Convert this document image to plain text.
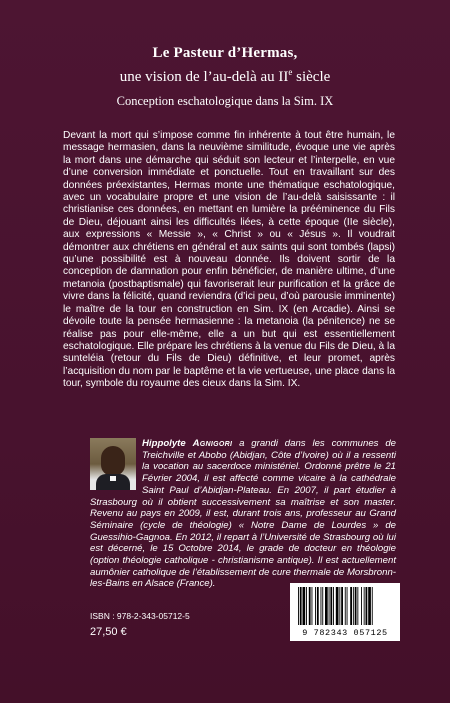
Le Pasteur d’Hermas,
une vision de l’au-delà au IIe siècle
Conception eschatologique dans la Sim. IX

Devant la mort qui s’impose comme fin inhérente à tout être humain, le message hermasien, dans la neuvième similitude, évoque une vie après la mort dans une démarche qui séduit son lecteur et l’interpelle, en vue d’une conversion immédiate et ponctuelle. Tout en travaillant sur des données préexistantes, Hermas monte une thématique eschatologique, avec un vocabulaire propre et une vision de l’au-delà saisissante : il christianise ces données, en mettant en lumière la prééminence du Fils de Dieu, déjouant ainsi les difficultés liées, à cette époque (IIe siècle), aux expressions « Messie », « Christ » ou « Jésus ». Il voudrait démontrer aux chrétiens en général et aux saints qui sont tombés (lapsi) qu’une possibilité est à nouveau donnée. Ils doivent sortir de la conception de damnation pour enfin bénéficier, de manière ultime, d’une metanoia (postbaptismale) qui favoriserait leur purification et la grâce de vivre dans la félicité, quand reviendra (d’ici peu, d’où parousie imminente) le maître de la tour en construction en Sim. IX (en Arcadie). Ainsi se dévoile toute la pensée hermasienne : la metanoia (la pénitence) ne se réalise pas pour elle-même, elle a un but qui est essentiellement eschatologique. Elle prépare les chrétiens à la venue du Fils de Dieu, à la sunteléia (retour du Fils de Dieu) définitive, et leur promet, après l’acquisition du nom par le baptême et la vie vertueuse, une place dans la tour, symbole du royaume des cieux dans la Sim. IX.

Hippolyte Agnigori a grandi dans les communes de Treichville et Abobo (Abidjan, Côte d’Ivoire) où il a ressenti la vocation au sacerdoce ministériel. Ordonné prêtre le 21 Février 2004, il est affecté comme vicaire à la cathédrale Saint Paul d’Abidjan-Plateau. En 2007, il part étudier à Strasbourg où il obtient successivement sa maîtrise et son master. Revenu au pays en 2009, il est, durant trois ans, professeur au Grand Séminaire (cycle de théologie) « Notre Dame de Lourdes » de Guessihio-Gagnoa. En 2012, il repart à l’Université de Strasbourg où lui est décerné, le 15 Octobre 2014, le grade de docteur en théologie (option théologie catholique - christianisme antique). Il est actuellement aumônier catholique de l’établissement de cure thermale de Morsbronn-les-Bains en Alsace (France).
ISBN : 978-2-343-05712-5
27,50 €	9 782343 057125
